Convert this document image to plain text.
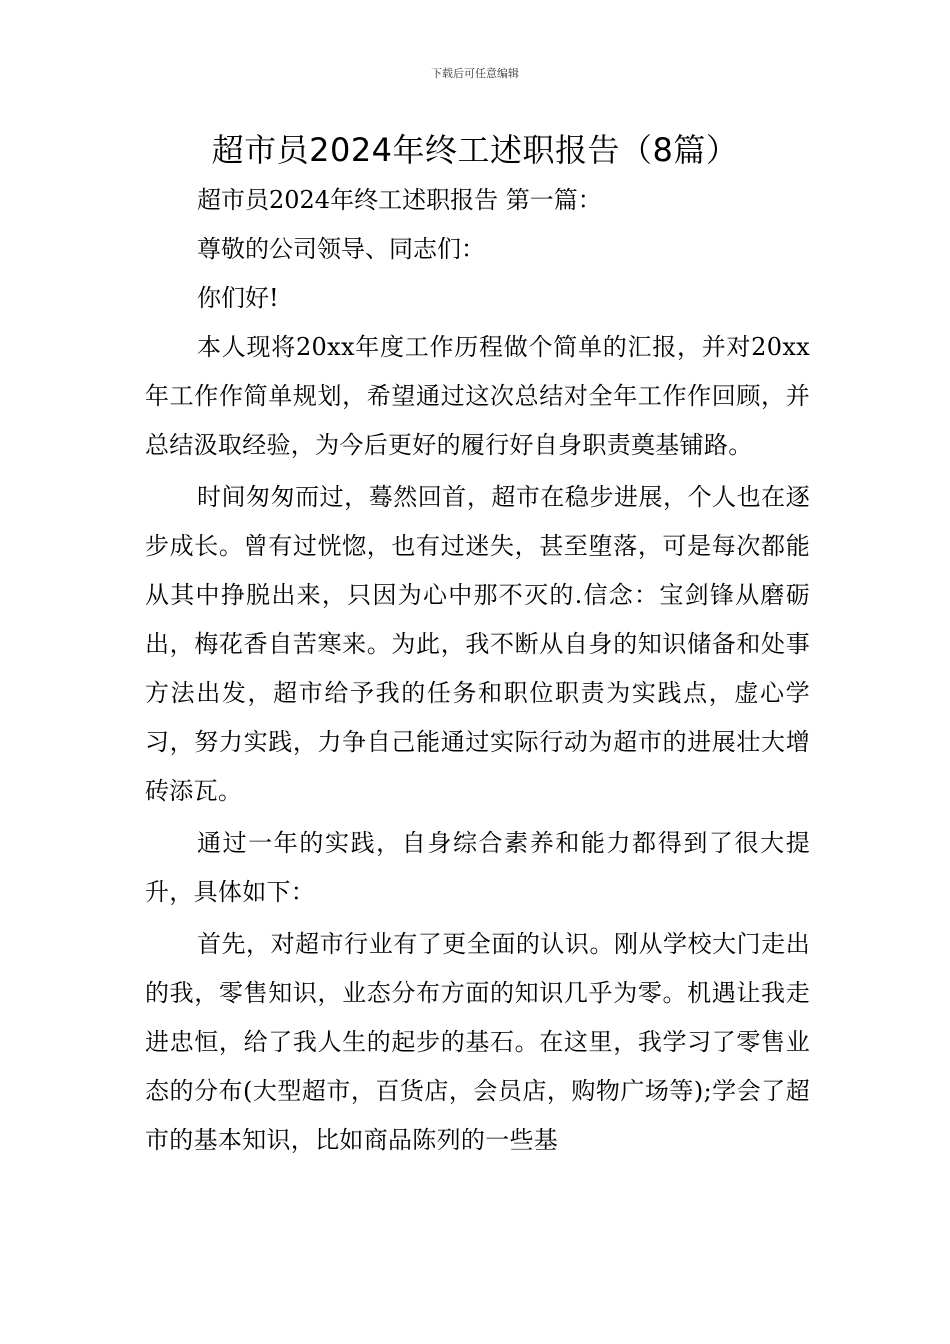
下载后可任意编辑
超市员2024年终工述职报告（8篇）

超市员2024年终工述职报告 第一篇：

尊敬的公司领导、同志们：

你们好!

本人现将20xx年度工作历程做个简单的汇报，并对20xx年工作作简单规划，希望通过这次总结对全年工作作回顾，并总结汲取经验，为今后更好的履行好自身职责奠基铺路。

时间匆匆而过，蓦然回首，超市在稳步进展，个人也在逐步成长。曾有过恍惚，也有过迷失，甚至堕落，可是每次都能从其中挣脱出来，只因为心中那不灭的.信念：宝剑锋从磨砺出，梅花香自苦寒来。为此，我不断从自身的知识储备和处事方法出发，超市给予我的任务和职位职责为实践点，虚心学习，努力实践，力争自己能通过实际行动为超市的进展壮大增砖添瓦。

通过一年的实践，自身综合素养和能力都得到了很大提升，具体如下：

首先，对超市行业有了更全面的认识。刚从学校大门走出的我，零售知识，业态分布方面的知识几乎为零。机遇让我走进忠恒，给了我人生的起步的基石。在这里，我学习了零售业态的分布(大型超市，百货店，会员店，购物广场等);学会了超市的基本知识，比如商品陈列的一些基
